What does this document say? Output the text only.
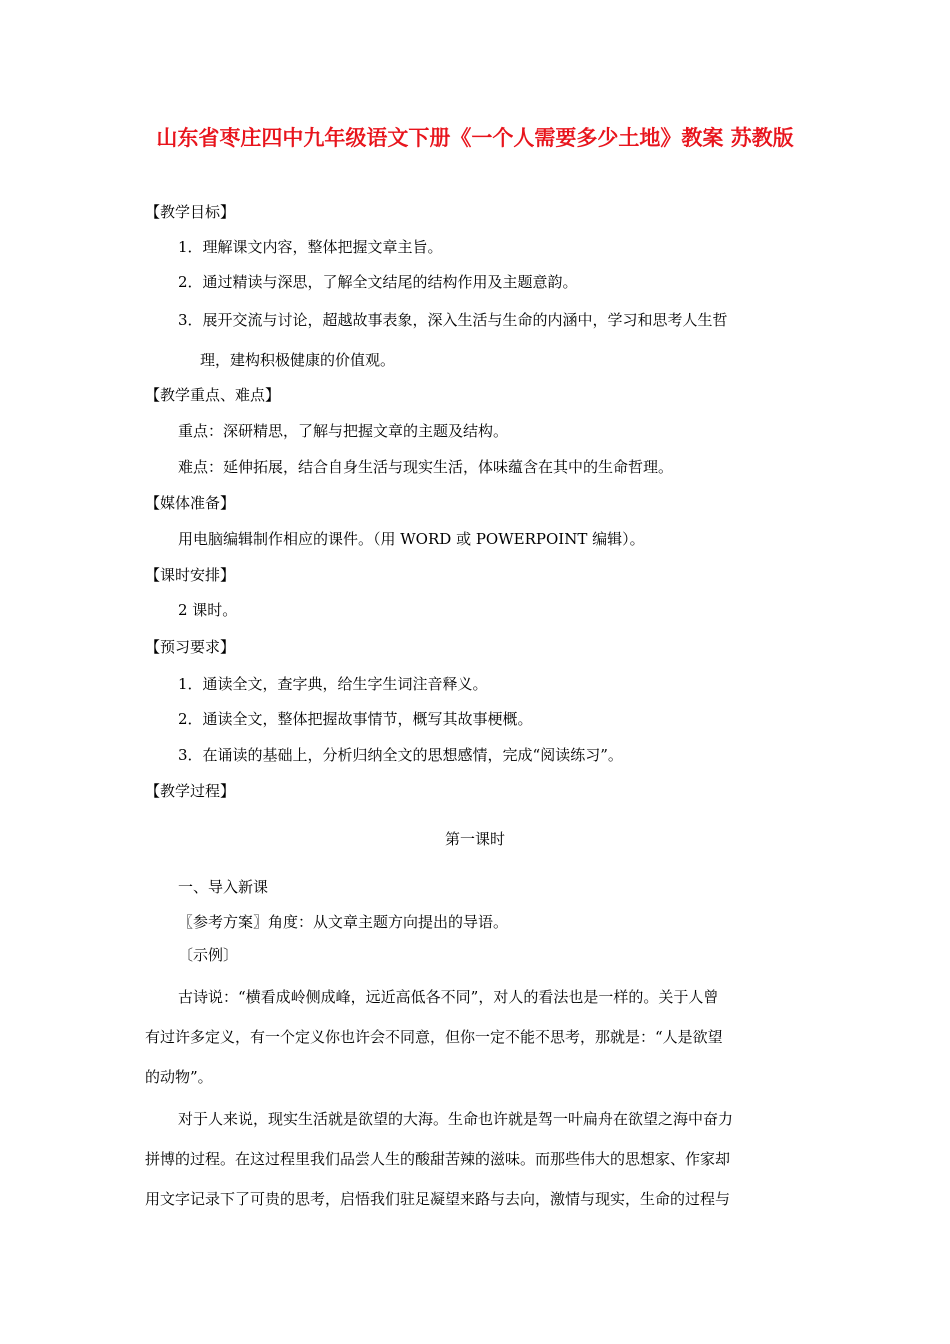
山东省枣庄四中九年级语文下册《一个人需要多少土地》教案 苏教版
【教学目标】
1．理解课文内容，整体把握文章主旨。
2．通过精读与深思，了解全文结尾的结构作用及主题意韵。
3．展开交流与讨论，超越故事表象，深入生活与生命的内涵中，学习和思考人生哲
理，建构积极健康的价值观。
【教学重点、难点】
重点：深研精思，了解与把握文章的主题及结构。
难点：延伸拓展，结合自身生活与现实生活，体味蕴含在其中的生命哲理。
【媒体准备】
用电脑编辑制作相应的课件。（用 WORD 或 POWERPOINT 编辑）。
【课时安排】
2 课时。
【预习要求】
1．通读全文，查字典，给生字生词注音释义。
2．通读全文，整体把握故事情节，概写其故事梗概。
3．在诵读的基础上，分析归纳全文的思想感情，完成“阅读练习”。
【教学过程】
第一课时
一、导入新课
〖参考方案〗角度：从文章主题方向提出的导语。
〔示例〕
古诗说：“横看成岭侧成峰，远近高低各不同”，对人的看法也是一样的。关于人曾
有过许多定义，有一个定义你也许会不同意，但你一定不能不思考，那就是：“人是欲望
的动物”。
对于人来说，现实生活就是欲望的大海。生命也许就是驾一叶扁舟在欲望之海中奋力
拼博的过程。在这过程里我们品尝人生的酸甜苦辣的滋味。而那些伟大的思想家、作家却
用文字记录下了可贵的思考，启悟我们驻足凝望来路与去向，激情与现实，生命的过程与
